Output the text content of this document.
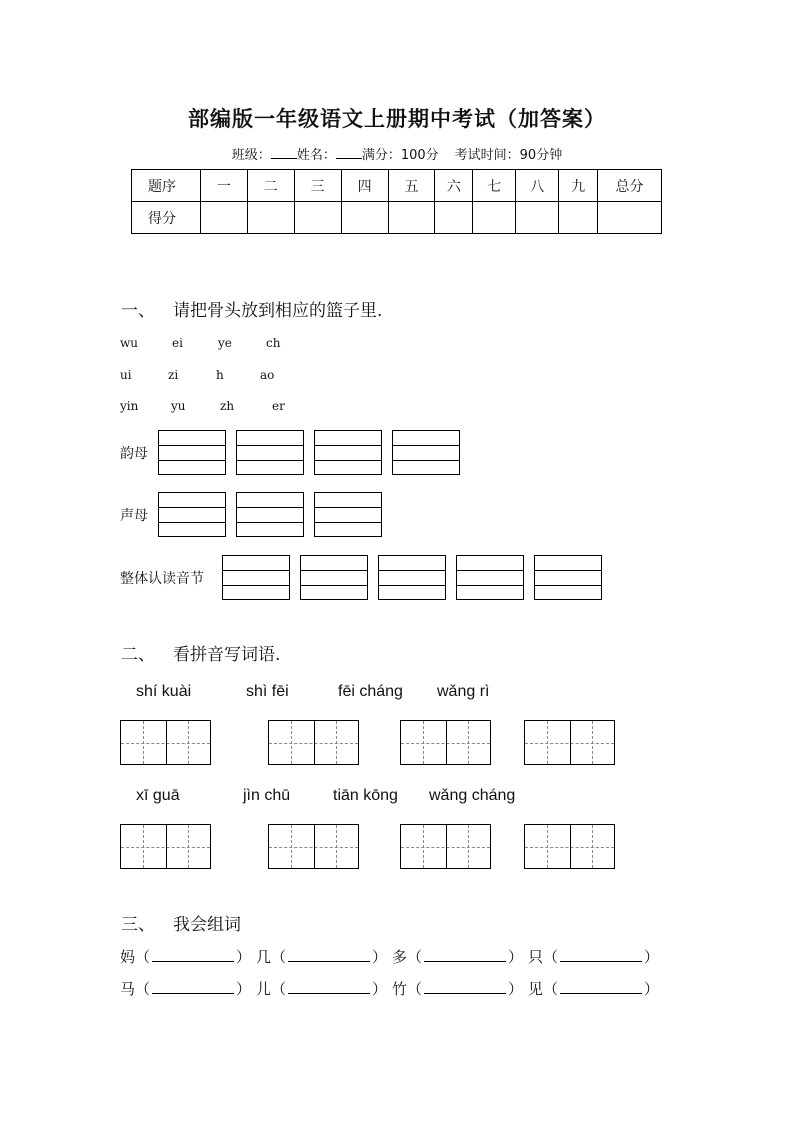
部编版一年级语文上册期中考试（加答案）
班级： 姓名： 满分：100分 考试时间：90分钟
题序	一	二	三	四	五	六	七	八	九	总分
得分										
一、 请把骨头放到相应的篮子里.
wu	ei	ye	ch
ui	zi	h	ao
yin	yu	zh	er
韵母
声母
整体认读音节
二、 看拼音写词语.
shí kuài	shì fēi	fēi cháng wǎng rì
xī guā	jìn chū	tiān kōng wǎng cháng
三、 我会组词
妈（	） 几（	） 多（	） 只（	）
马（	） 儿（	） 竹（	） 见（	）
